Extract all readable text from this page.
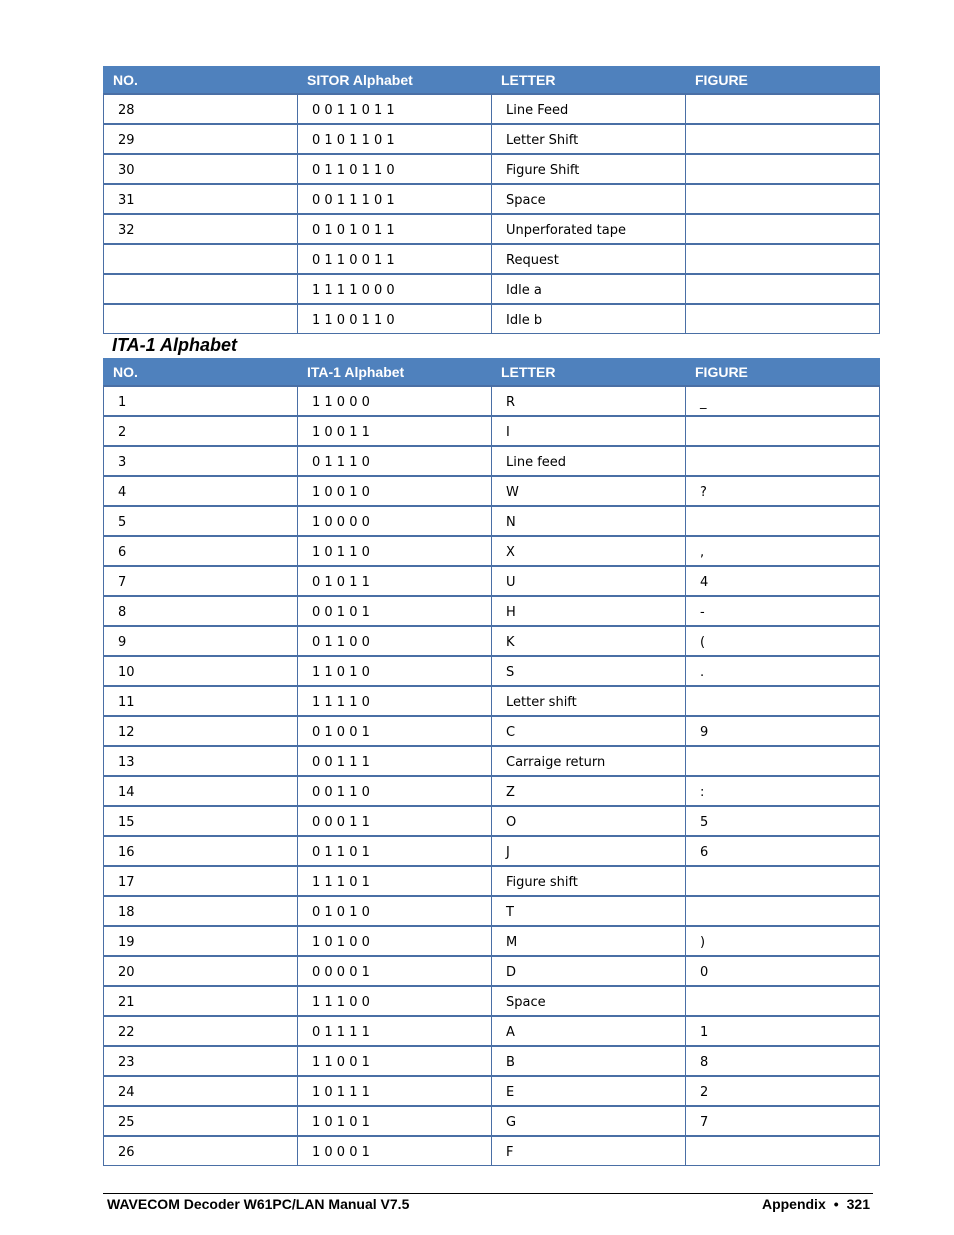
NO.	SITOR Alphabet	LETTER	FIGURE
28	0 0 1 1 0 1 1	Line Feed	
29	0 1 0 1 1 0 1	Letter Shift	
30	0 1 1 0 1 1 0	Figure Shift	
31	0 0 1 1 1 0 1	Space	
32	0 1 0 1 0 1 1	Unperforated tape	
	0 1 1 0 0 1 1	Request	
	1 1 1 1 0 0 0	Idle a	
	1 1 0 0 1 1 0	Idle b	
ITA-1 Alphabet
NO.	ITA-1 Alphabet	LETTER	FIGURE
1	1 1 0 0 0	R	_
2	1 0 0 1 1	I	
3	0 1 1 1 0	Line feed	
4	1 0 0 1 0	W	?
5	1 0 0 0 0	N	
6	1 0 1 1 0	X	,
7	0 1 0 1 1	U	4
8	0 0 1 0 1	H	-
9	0 1 1 0 0	K	(
10	1 1 0 1 0	S	.
11	1 1 1 1 0	Letter shift	
12	0 1 0 0 1	C	9
13	0 0 1 1 1	Carraige return	
14	0 0 1 1 0	Z	:
15	0 0 0 1 1	O	5
16	0 1 1 0 1	J	6
17	1 1 1 0 1	Figure shift	
18	0 1 0 1 0	T	
19	1 0 1 0 0	M	)
20	0 0 0 0 1	D	0
21	1 1 1 0 0	Space	
22	0 1 1 1 1	A	1
23	1 1 0 0 1	B	8
24	1 0 1 1 1	E	2
25	1 0 1 0 1	G	7
26	1 0 0 0 1	F	
WAVECOM Decoder W61PC/LAN Manual V7.5	Appendix • 321
